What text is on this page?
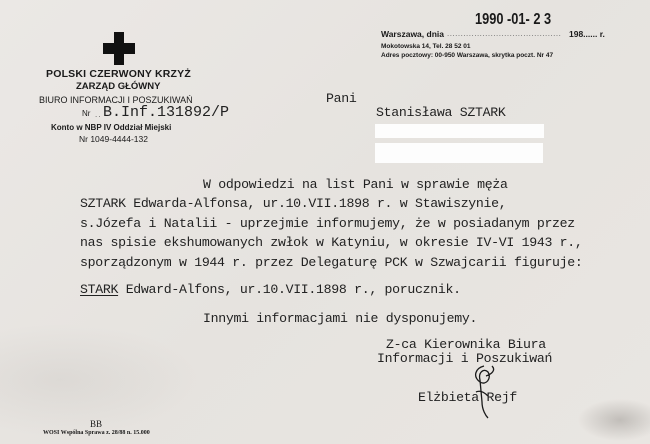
POLSKI CZERWONY KRZYŻ
ZARZĄD GŁÓWNY
BIURO INFORMACJI I POSZUKIWAŃ
Nr .. B.Inf.131892/P
Konto w NBP IV Oddział Miejski
Nr 1049-4444-132
1990 -01- 2 3
Warszawa, dnia .......................................... 198...... r.
Mokotowska 14, Tel. 28 52 01
Adres pocztowy: 00-950 Warszawa, skrytka poczt. Nr 47
Pani
Stanisława SZTARK
W odpowiedzi na list Pani w sprawie męża
SZTARK Edwarda-Alfonsa, ur.10.VII.1898 r. w Stawiszynie,
s.Józefa i Natalii - uprzejmie informujemy, że w posiadanym przez
nas spisie ekshumowanych zwłok w Katyniu, w okresie IV-VI 1943 r.,
sporządzonym w 1944 r. przez Delegaturę PCK w Szwajcarii figuruje:
STARK Edward-Alfons, ur.10.VII.1898 r., porucznik.
Innymi informacjami nie dysponujemy.
Z-ca Kierownika Biura
Informacji i Poszukiwań
Elżbieta Rejf
BB
WOSI Wspólna Sprawa z. 28/88 n. 15.000
